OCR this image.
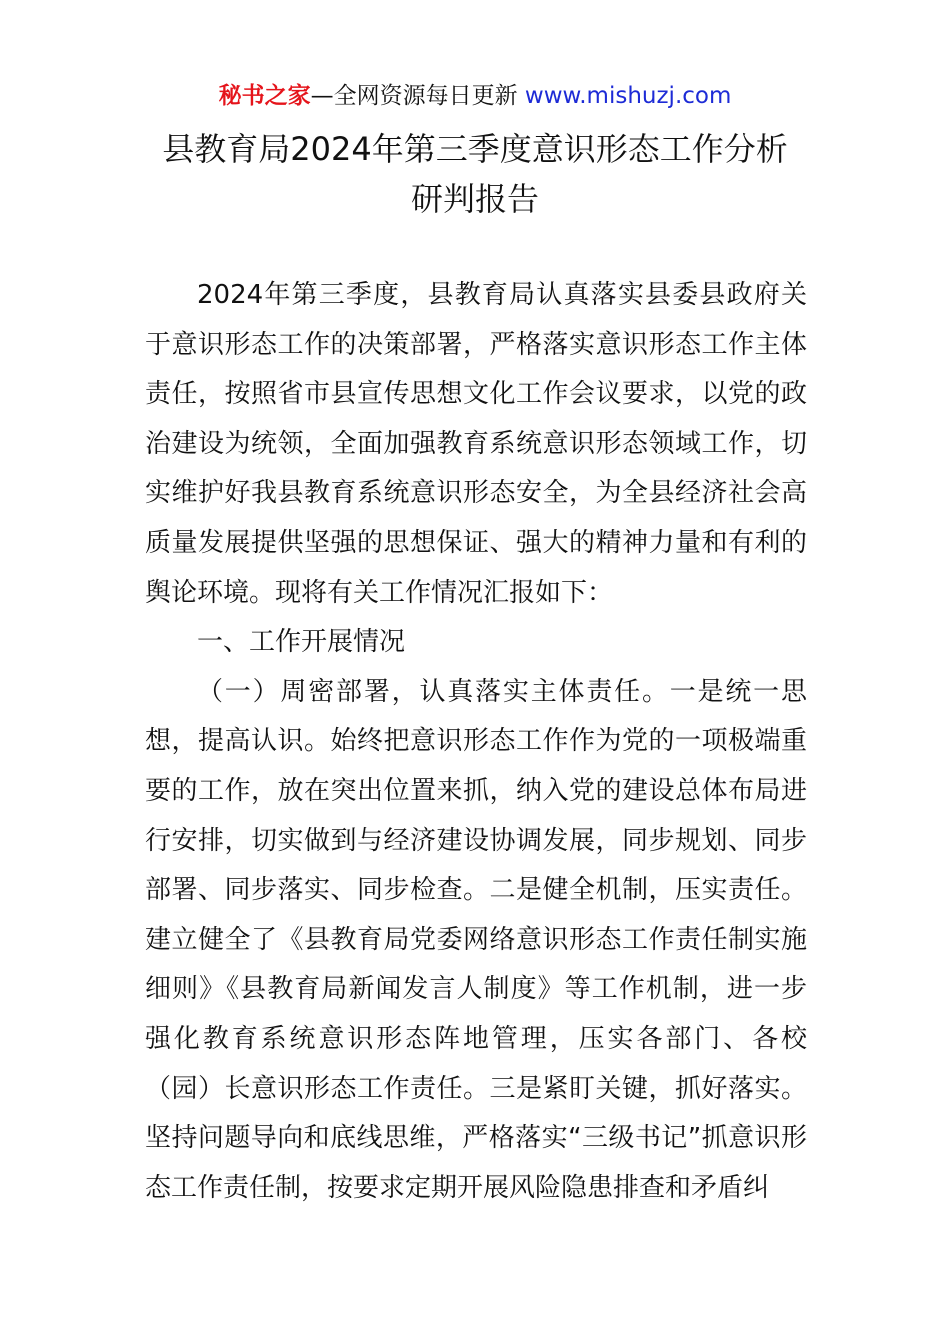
秘书之家—全网资源每日更新 www.mishuzj.com
县教育局2024年第三季度意识形态工作分析
研判报告

2024年第三季度，县教育局认真落实县委县政府关于意识形态工作的决策部署，严格落实意识形态工作主体责任，按照省市县宣传思想文化工作会议要求，以党的政治建设为统领，全面加强教育系统意识形态领域工作，切实维护好我县教育系统意识形态安全，为全县经济社会高质量发展提供坚强的思想保证、强大的精神力量和有利的舆论环境。现将有关工作情况汇报如下：

一、工作开展情况

（一）周密部署，认真落实主体责任。一是统一思想，提高认识。始终把意识形态工作作为党的一项极端重要的工作，放在突出位置来抓，纳入党的建设总体布局进行安排，切实做到与经济建设协调发展，同步规划、同步部署、同步落实、同步检查。二是健全机制，压实责任。建立健全了《县教育局党委网络意识形态工作责任制实施细则》《县教育局新闻发言人制度》等工作机制，进一步强化教育系统意识形态阵地管理，压实各部门、各校（园）长意识形态工作责任。三是紧盯关键，抓好落实。坚持问题导向和底线思维，严格落实“三级书记”抓意识形态工作责任制，按要求定期开展风险隐患排查和矛盾纠
